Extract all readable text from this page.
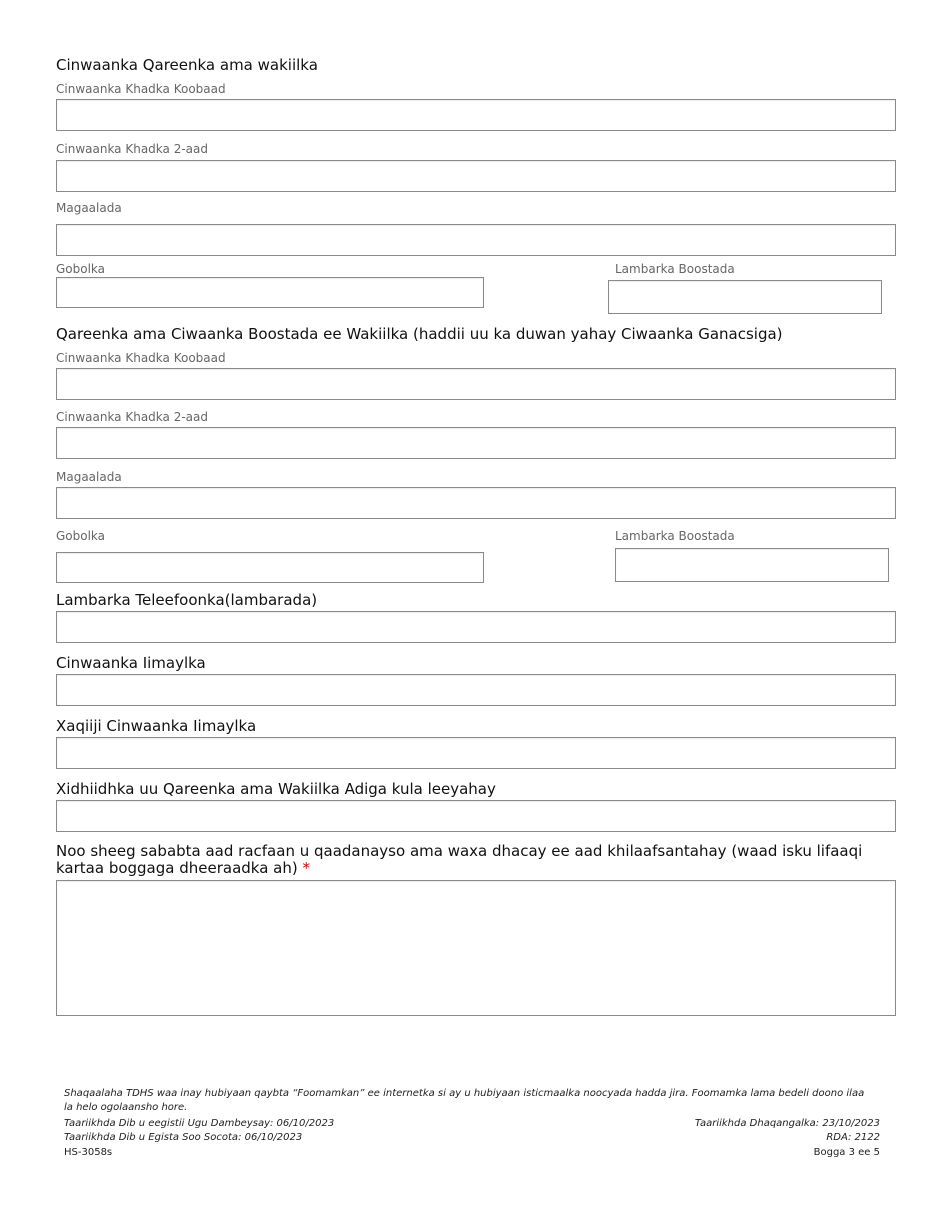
Cinwaanka Qareenka ama wakiilka
Cinwaanka Khadka Koobaad
Cinwaanka Khadka 2-aad
Magaalada
Gobolka	Lambarka Boostada
Qareenka ama Ciwaanka Boostada ee Wakiilka (haddii uu ka duwan yahay Ciwaanka Ganacsiga)
Cinwaanka Khadka Koobaad
Cinwaanka Khadka 2-aad
Magaalada
Gobolka	Lambarka Boostada
Lambarka Teleefoonka(lambarada)
Cinwaanka Iimaylka
Xaqiiji Cinwaanka Iimaylka
Xidhiidhka uu Qareenka ama Wakiilka Adiga kula leeyahay
Noo sheeg sababta aad racfaan u qaadanayso ama waxa dhacay ee aad khilaafsantahay (waad isku lifaaqi kartaa boggaga dheeraadka ah) *
Shaqaalaha TDHS waa inay hubiyaan qaybta “Foomamkan” ee internetka si ay u hubiyaan isticmaalka noocyada hadda jira. Foomamka lama bedeli doono ilaa la helo ogolaansho hore.
Taariikhda Dib u eegistii Ugu Dambeysay: 06/10/2023
Taariikhda Dib u Egista Soo Socota: 06/10/2023
HS-3058s
Taariikhda Dhaqangalka: 23/10/2023
RDA: 2122
Bogga 3 ee 5
